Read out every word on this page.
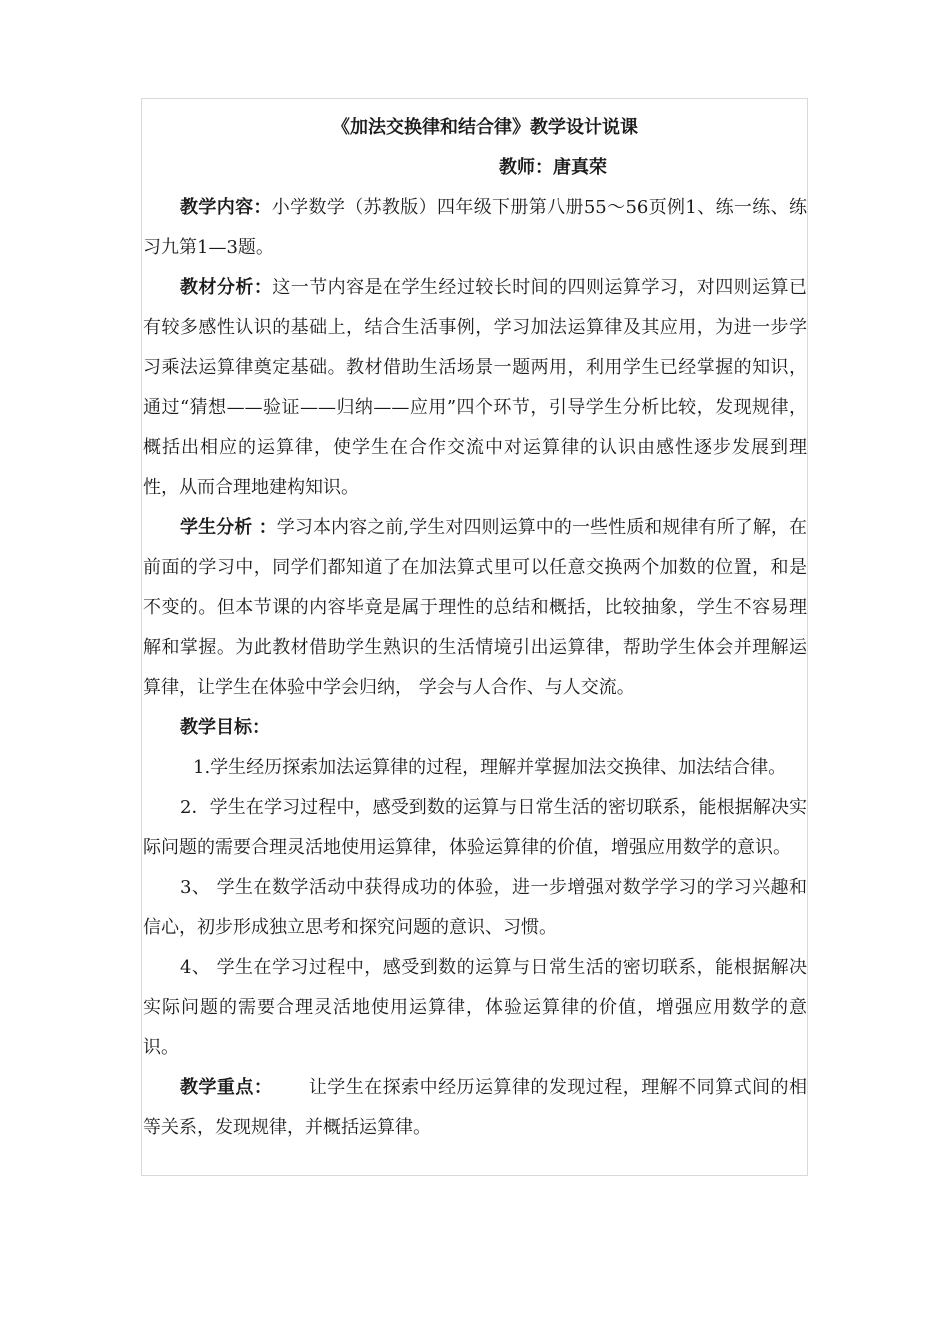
《加法交换律和结合律》教学设计说课

教师：唐真荣

教学内容：小学数学（苏教版）四年级下册第八册55～56页例1、练一练、练习九第1—3题。

教材分析：这一节内容是在学生经过较长时间的四则运算学习，对四则运算已有较多感性认识的基础上，结合生活事例，学习加法运算律及其应用，为进一步学习乘法运算律奠定基础。教材借助生活场景一题两用，利用学生已经掌握的知识，通过“猜想——验证——归纳——应用”四个环节，引导学生分析比较，发现规律，概括出相应的运算律，使学生在合作交流中对运算律的认识由感性逐步发展到理性，从而合理地建构知识。

学生分析 ：学习本内容之前,学生对四则运算中的一些性质和规律有所了解，在前面的学习中，同学们都知道了在加法算式里可以任意交换两个加数的位置，和是不变的。但本节课的内容毕竟是属于理性的总结和概括，比较抽象，学生不容易理解和掌握。为此教材借助学生熟识的生活情境引出运算律，帮助学生体会并理解运算律，让学生在体验中学会归纳， 学会与人合作、与人交流。

教学目标：

1.学生经历探索加法运算律的过程，理解并掌握加法交换律、加法结合律。

2．学生在学习过程中，感受到数的运算与日常生活的密切联系，能根据解决实际问题的需要合理灵活地使用运算律，体验运算律的价值，增强应用数学的意识。

3、 学生在数学活动中获得成功的体验，进一步增强对数学学习的学习兴趣和信心，初步形成独立思考和探究问题的意识、习惯。

4、 学生在学习过程中，感受到数的运算与日常生活的密切联系，能根据解决实际问题的需要合理灵活地使用运算律，体验运算律的价值，增强应用数学的意识。

教学重点： 让学生在探索中经历运算律的发现过程，理解不同算式间的相等关系，发现规律，并概括运算律。
